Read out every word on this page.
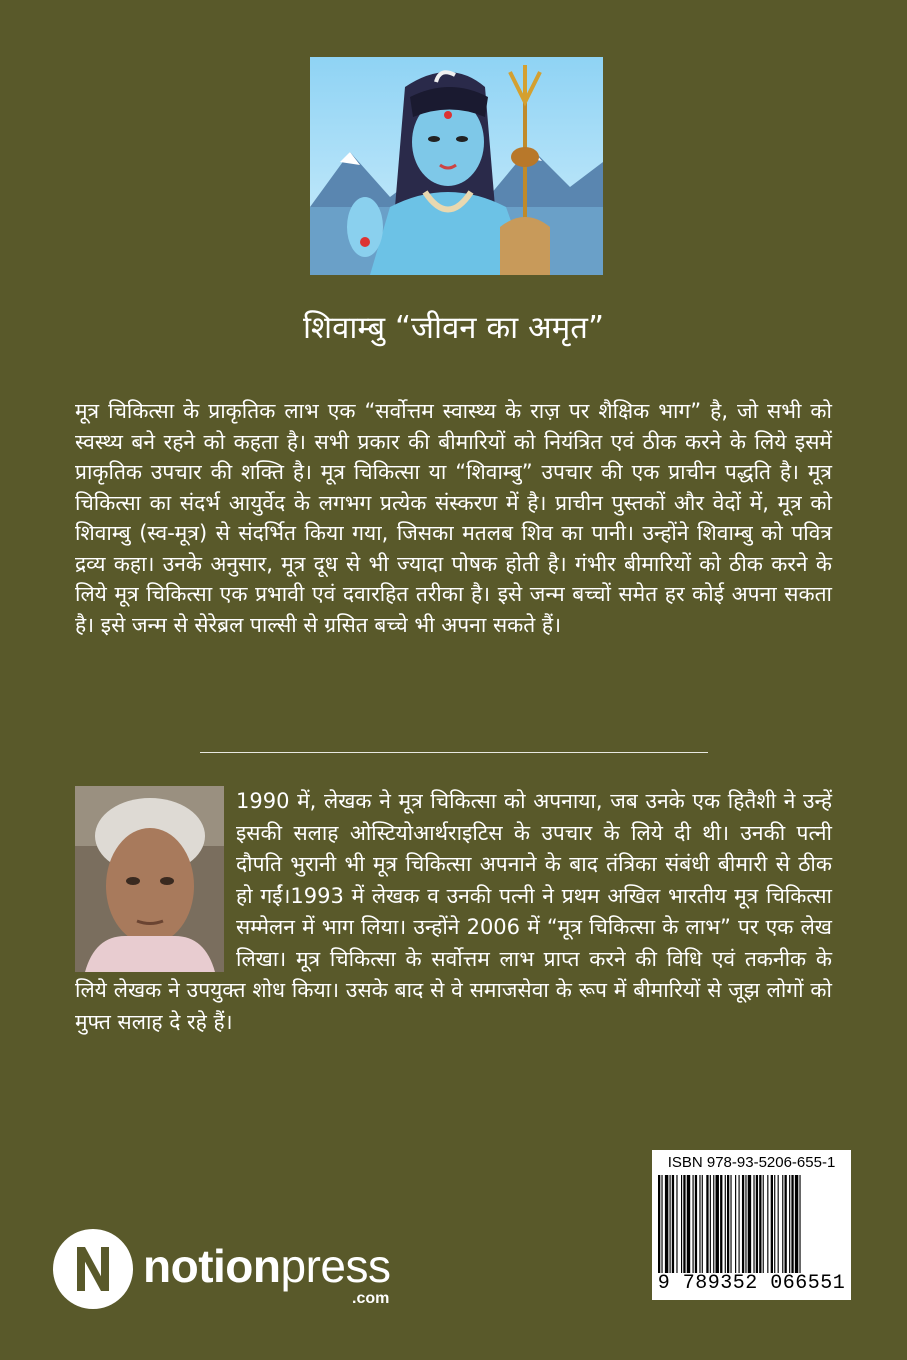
शिवाम्बु “जीवन का अमृत”

मूत्र चिकित्सा के प्राकृतिक लाभ एक “सर्वोत्तम स्वास्थ्य के राज़ पर शैक्षिक भाग” है, जो सभी को स्वस्थ्य बने रहने को कहता है। सभी प्रकार की बीमारियों को नियंत्रित एवं ठीक करने के लिये इसमें प्राकृतिक उपचार की शक्ति है। मूत्र चिकित्सा या “शिवाम्बु” उपचार की एक प्राचीन पद्धति है। मूत्र चिकित्सा का संदर्भ आयुर्वेद के लगभग प्रत्येक संस्करण में है। प्राचीन पुस्तकों और वेदों में, मूत्र को शिवाम्बु (स्व-मूत्र) से संदर्भित किया गया, जिसका मतलब शिव का पानी। उन्होंने शिवाम्बु को पवित्र द्रव्य कहा। उनके अनुसार, मूत्र दूध से भी ज्यादा पोषक होती है। गंभीर बीमारियों को ठीक करने के लिये मूत्र चिकित्सा एक प्रभावी एवं दवारहित तरीका है। इसे जन्म बच्चों समेत हर कोई अपना सकता है। इसे जन्म से सेरेब्रल पाल्सी से ग्रसित बच्चे भी अपना सकते हैं।

1990 में, लेखक ने मूत्र चिकित्सा को अपनाया, जब उनके एक हितैशी ने उन्हें इसकी सलाह ओस्टियोआर्थराइटिस के उपचार के लिये दी थी। उनकी पत्नी दौपति भुरानी भी मूत्र चिकित्सा अपनाने के बाद तंत्रिका संबंधी बीमारी से ठीक हो गईं।1993 में लेखक व उनकी पत्नी ने प्रथम अखिल भारतीय मूत्र चिकित्सा सम्मेलन में भाग लिया। उन्होंने 2006 में “मूत्र चिकित्सा के लाभ” पर एक लेख लिखा। मूत्र चिकित्सा के सर्वोत्तम लाभ प्राप्त करने की विधि एवं तकनीक के लिये लेखक ने उपयुक्त शोध किया। उसके बाद से वे समाजसेवा के रूप में बीमारियों से जूझ लोगों को मुफ्त सलाह दे रहे हैं।

notionpress
.com
ISBN 978-93-5206-655-1
9 789352 066551
